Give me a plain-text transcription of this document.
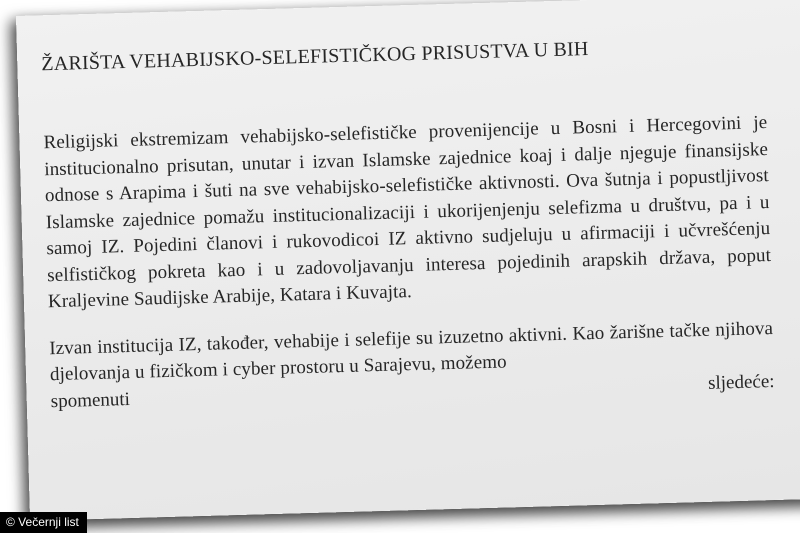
ŽARIŠTA VEHABIJSKO-SELEFISTIČKOG PRISUSTVA U BIH

Religijski ekstremizam vehabijsko-selefističke provenijencije u Bosni i Hercegovini je institucionalno prisutan, unutar i izvan Islamske zajednice koaj i dalje njeguje finansijske odnose s Arapima i šuti na sve vehabijsko-selefističke aktivnosti. Ova šutnja i popustljivost Islamske zajednice pomažu institucionalizaciji i ukorijenjenju selefizma u društvu, pa i u samoj IZ. Pojedini članovi i rukovodicoi IZ aktivno sudjeluju u afirmaciji i učvrešćenju selfističkog pokreta kao i u zadovoljavanju interesa pojedinih arapskih država, poput Kraljevine Saudijske Arabije, Katara i Kuvajta.

Izvan institucija IZ, također, vehabije i selefije su izuzetno aktivni. Kao žarišne tačke njihova djelovanja u fizičkom i cyber prostoru u Sarajevu, možemo

spomenuti
sljedeće:
© Večernji list
